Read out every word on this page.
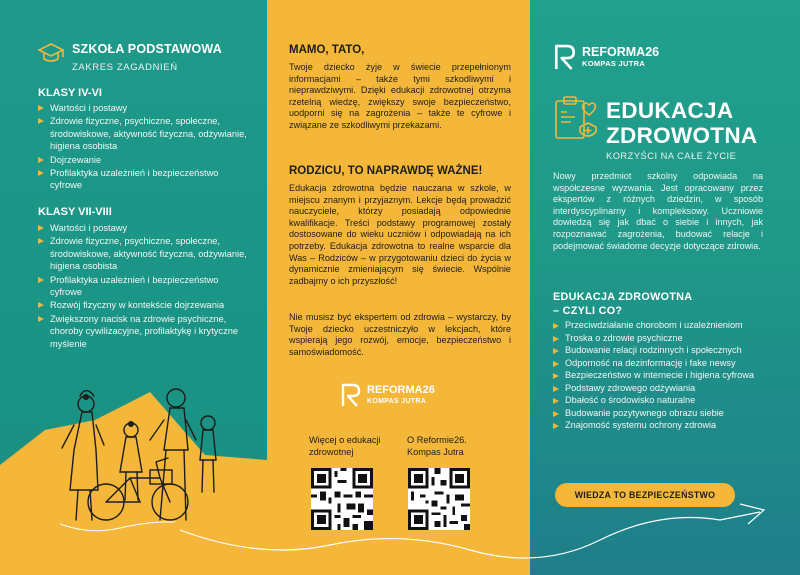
SZKOŁA PODSTAWOWA
ZAKRES ZAGADNIEŃ
KLASY IV-VI
Wartości i postawy
Zdrowie fizyczne, psychiczne, społeczne, środowiskowe, aktywność fizyczna, odżywianie, higiena osobista
Dojrzewanie
Profilaktyka uzależnień i bezpieczeństwo cyfrowe
KLASY VII-VIII
Wartości i postawy
Zdrowie fizyczne, psychiczne, społeczne, środowiskowe, aktywność fizyczna, odżywianie, higiena osobista
Profilaktyka uzależnień i bezpieczeństwo cyfrowe
Rozwój fizyczny w kontekście dojrzewania
Zwiększony nacisk na zdrowie psychiczne, choroby cywilizacyjne, profilaktykę i krytyczne myślenie
MAMO, TATO,
Twoje dziecko żyje w świecie przepełnionym informacjami – także tymi szkodliwymi i nieprawdziwymi. Dzięki edukacji zdrowotnej otrzyma rzetelną wiedzę, zwiększy swoje bezpieczeństwo, uodporni się na zagrożenia – także te cyfrowe i związane ze szkodliwymi przekazami.
RODZICU, TO NAPRAWDĘ WAŻNE!
Edukacja zdrowotna będzie nauczana w szkole, w miejscu znanym i przyjaznym. Lekcje będą prowadzić nauczyciele, którzy posiadają odpowiednie kwalifikacje. Treści podstawy programowej zostały dostosowane do wieku uczniów i odpowiadają na ich potrzeby. Edukacja zdrowotna to realne wsparcie dla Was – Rodziców – w przygotowaniu dzieci do życia w dynamicznie zmieniającym się świecie. Wspólnie zadbajmy o ich przyszłość!
Nie musisz być ekspertem od zdrowia – wystarczy, by Twoje dziecko uczestniczyło w lekcjach, które wspierają jego rozwój, emocje, bezpieczeństwo i samoświadomość.
REFORMA26
KOMPAS JUTRA
Więcej o edukacji zdrowotnej
O Reformie26. Kompas Jutra
REFORMA26
KOMPAS JUTRA
EDUKACJA
ZDROWOTNA
KORZYŚCI NA CAŁE ŻYCIE
Nowy przedmiot szkolny odpowiada na współczesne wyzwania. Jest opracowany przez ekspertów z różnych dziedzin, w sposób interdyscyplinarny i kompleksowy. Uczniowie dowiedzą się jak dbać o siebie i innych, jak rozpoznawać zagrożenia, budować relacje i podejmować świadome decyzje dotyczące zdrowia.
EDUKACJA ZDROWOTNA
– CZYLI CO?
Przeciwdziałanie chorobom i uzależnieniom
Troska o zdrowie psychiczne
Budowanie relacji rodzinnych i społecznych
Odporność na dezinformację i fake newsy
Bezpieczeństwo w internecie i higiena cyfrowa
Podstawy zdrowego odżywiania
Dbałość o środowisko naturalne
Budowanie pozytywnego obrazu siebie
Znajomość systemu ochrony zdrowia
WIEDZA TO BEZPIECZEŃSTWO
